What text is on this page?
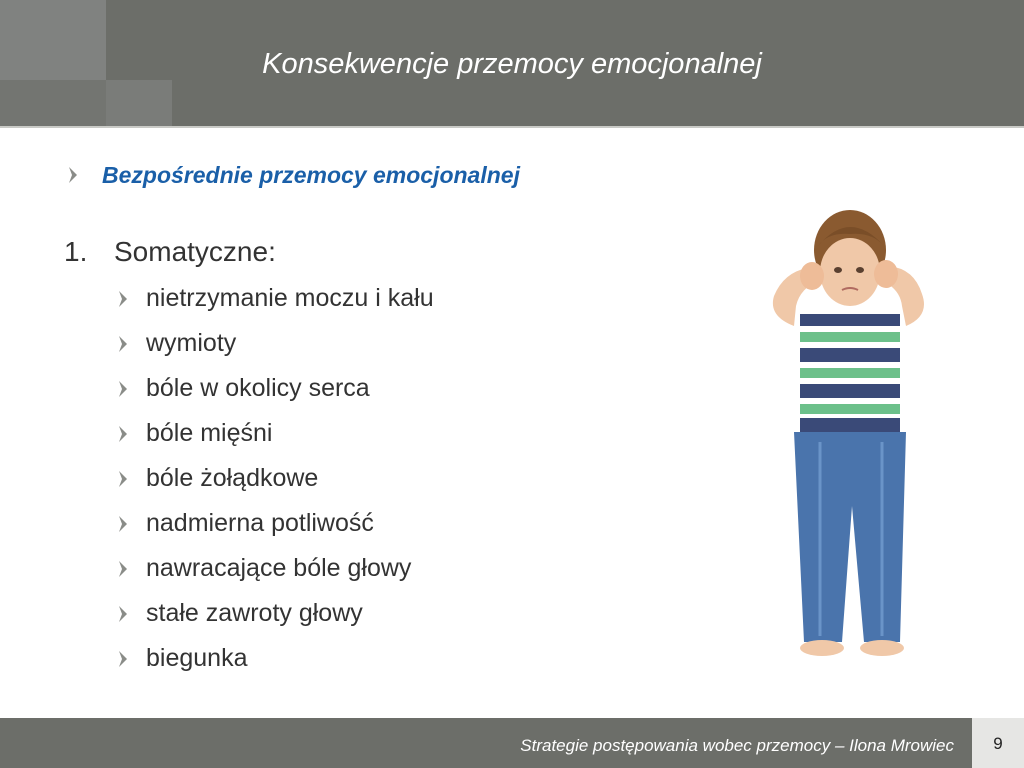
Konsekwencje przemocy emocjonalnej
Bezpośrednie przemocy emocjonalnej
1. Somatyczne:
nietrzymanie moczu i kału
wymioty
bóle w okolicy serca
bóle mięśni
bóle żołądkowe
nadmierna potliwość
nawracające bóle głowy
stałe zawroty głowy
biegunka
Strategie postępowania wobec przemocy – Ilona Mrowiec	9
